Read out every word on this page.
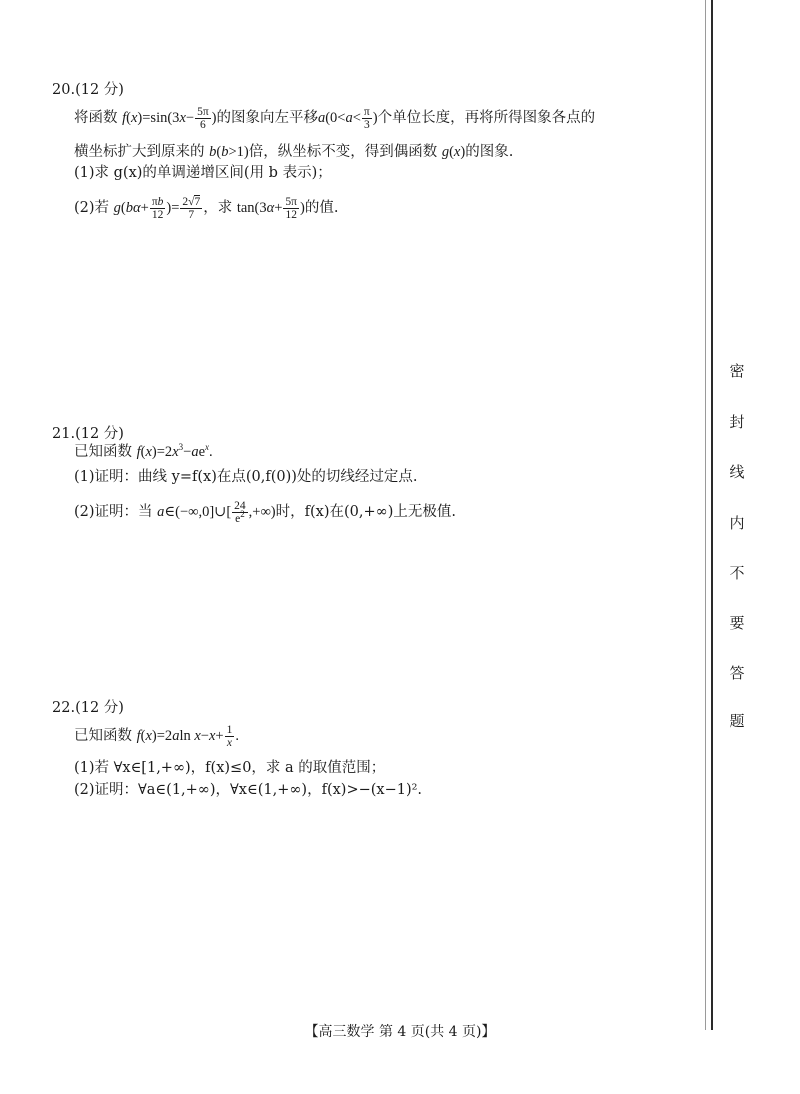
20.(12 分)
将函数 $f(x)=\sin(3x- \frac{5\pi}{6}$ )的图象向左平移$a(0<a< \frac{\pi}{3}$ )个单位长度，再将所得图象各点的
横坐标扩大到原来的 b(b>1)倍，纵坐标不变，得到偶函数 g(x)的图象.
(1)求 g(x)的单调递增区间(用 b 表示)；
(2)若 $g(b\alpha+ \frac{\pi b}{12}$ )= $\frac{2√7}{7}$ ，求 $\tan(3\alpha+ \frac{5\pi}{12}$ )的值.
21.(12 分)
已知函数 $f(x)=2x^3-ae^x$.
(1)证明：曲线 y=f(x)在点(0,f(0))处的切线经过定点.
(2)证明：当 a∈(−∞,0]∪[ $\frac{24}{e^2}$ ,+∞)时，f(x)在(0,+∞)上无极值.
22.(12 分)
已知函数 f(x)=2aln $x-x+ \frac{1}{x}$ .
(1)若 ∀x∈[1,+∞)，f(x)≤0，求 a 的取值范围；
(2)证明：∀a∈(1,+∞)，∀x∈(1,+∞)，f(x)>−(x−1)².
密
封
线
内
不
要
答
题
【高三数学 第 4 页(共 4 页)】
